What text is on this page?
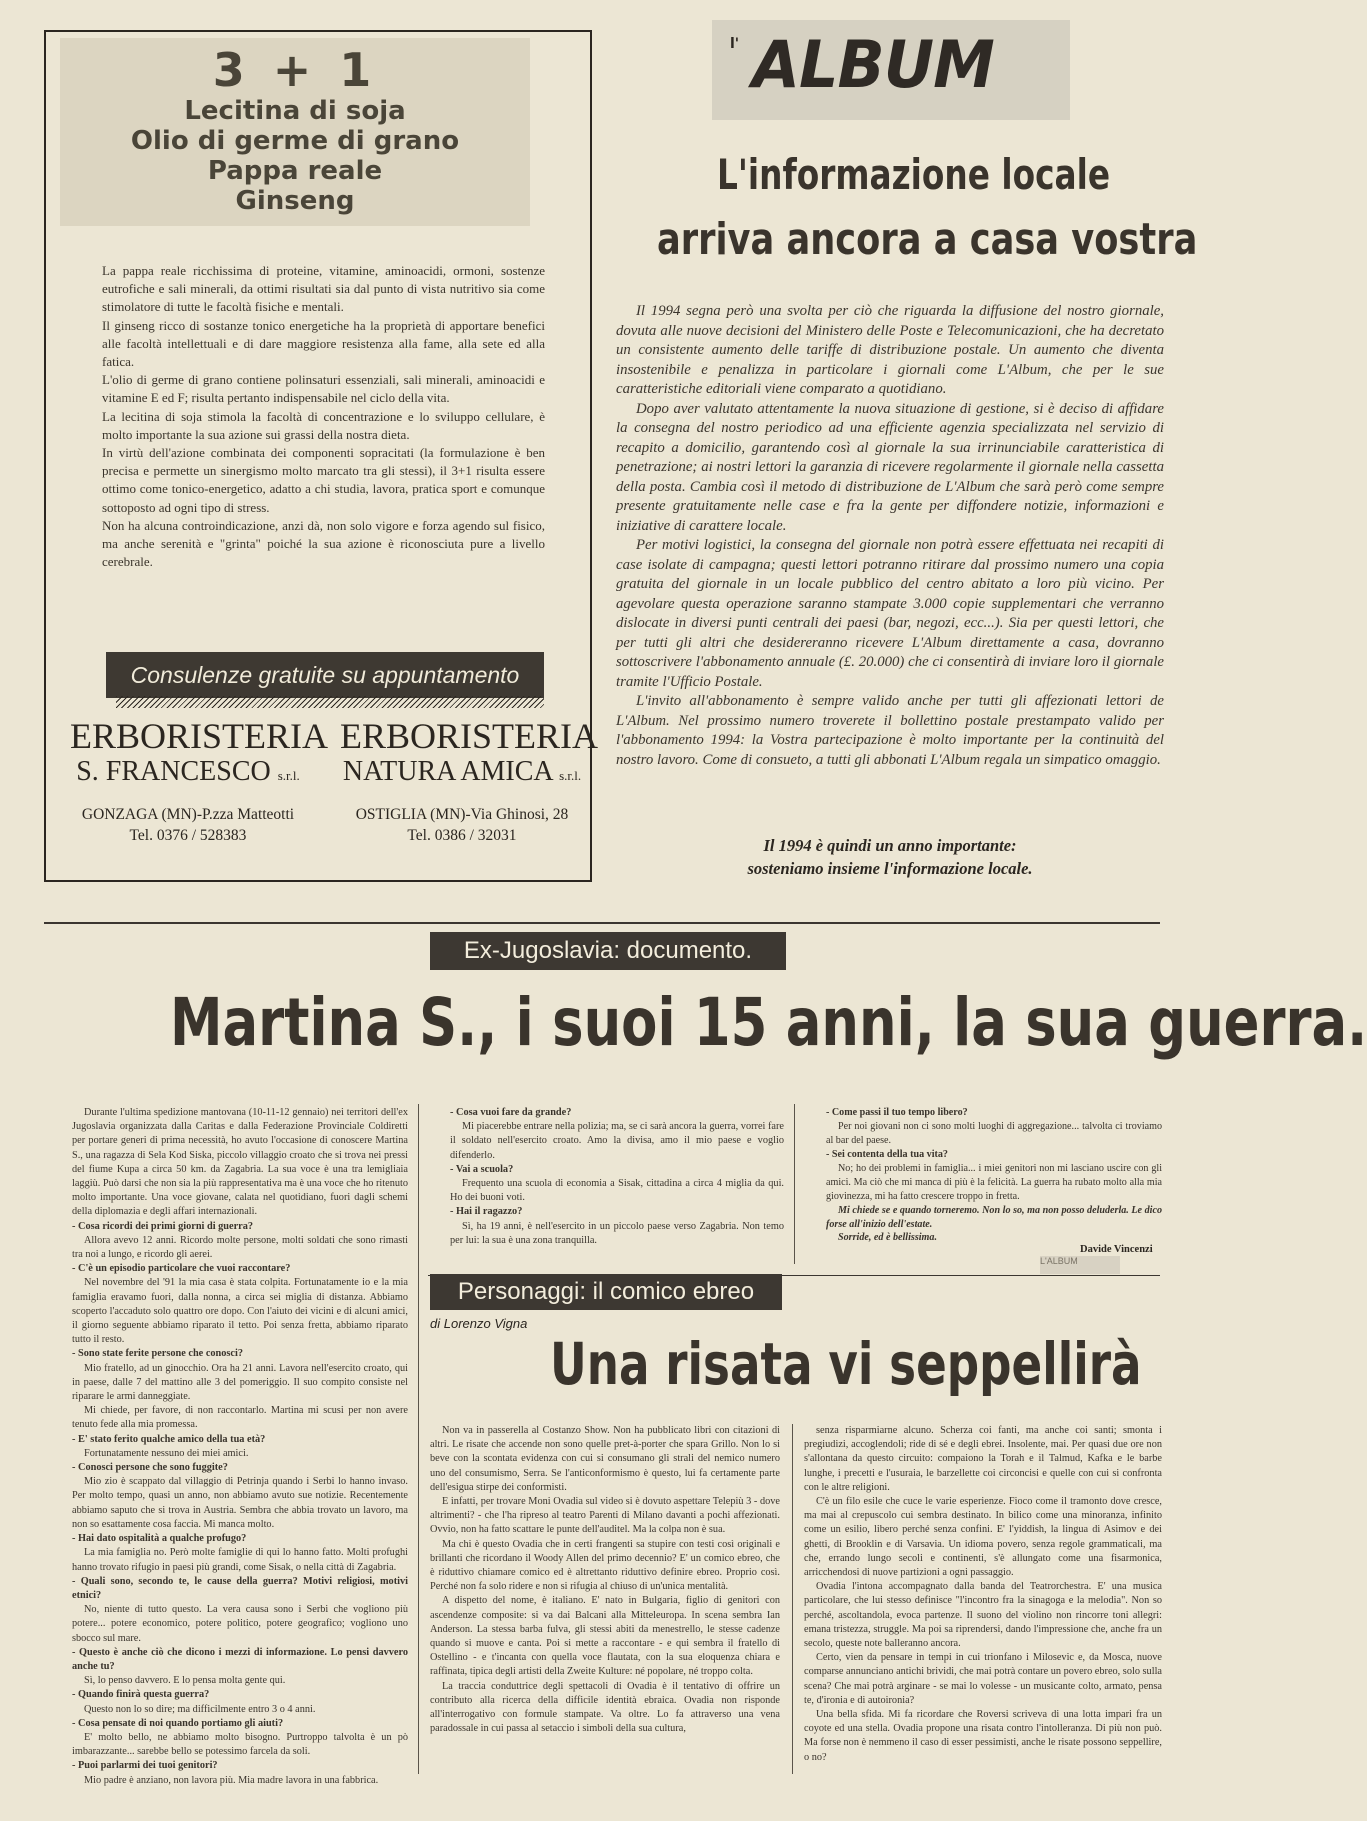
3 + 1
Lecitina di soja
Olio di germe di grano
Pappa reale
Ginseng

La pappa reale ricchissima di proteine, vitamine, aminoacidi, ormoni, sostenze eutrofiche e sali minerali, da ottimi risultati sia dal punto di vista nutritivo sia come stimolatore di tutte le facoltà fisiche e mentali.

Il ginseng ricco di sostanze tonico energetiche ha la proprietà di apportare benefici alle facoltà intellettuali e di dare maggiore resistenza alla fame, alla sete ed alla fatica.

L'olio di germe di grano contiene polinsaturi essenziali, sali minerali, aminoacidi e vitamine E ed F; risulta pertanto indispensabile nel ciclo della vita.

La lecitina di soja stimola la facoltà di concentrazione e lo sviluppo cellulare, è molto importante la sua azione sui grassi della nostra dieta.

In virtù dell'azione combinata dei componenti sopracitati (la formulazione è ben precisa e permette un sinergismo molto marcato tra gli stessi), il 3+1 risulta essere ottimo come tonico-energetico, adatto a chi studia, lavora, pratica sport e comunque sottoposto ad ogni tipo di stress.

Non ha alcuna controindicazione, anzi dà, non solo vigore e forza agendo sul fisico, ma anche serenità e "grinta" poiché la sua azione è riconosciuta pure a livello cerebrale.

Consulenze gratuite su appuntamento
ERBORISTERIA
S. FRANCESCO s.r.l.
GONZAGA (MN)-P.zza Matteotti
Tel. 0376 / 528383
ERBORISTERIA
NATURA AMICA s.r.l.
OSTIGLIA (MN)-Via Ghinosi, 28
Tel. 0386 / 32031
l' ALBUM
L'informazione locale
arriva ancora a casa vostra

Il 1994 segna però una svolta per ciò che riguarda la diffusione del nostro giornale, dovuta alle nuove decisioni del Ministero delle Poste e Telecomunicazioni, che ha decretato un consistente aumento delle tariffe di distribuzione postale. Un aumento che diventa insostenibile e penalizza in particolare i giornali come L'Album, che per le sue caratteristiche editoriali viene comparato a quotidiano.

Dopo aver valutato attentamente la nuova situazione di gestione, si è deciso di affidare la consegna del nostro periodico ad una efficiente agenzia specializzata nel servizio di recapito a domicilio, garantendo così al giornale la sua irrinunciabile caratteristica di penetrazione; ai nostri lettori la garanzia di ricevere regolarmente il giornale nella cassetta della posta. Cambia così il metodo di distribuzione de L'Album che sarà però come sempre presente gratuitamente nelle case e fra la gente per diffondere notizie, informazioni e iniziative di carattere locale.

Per motivi logistici, la consegna del giornale non potrà essere effettuata nei recapiti di case isolate di campagna; questi lettori potranno ritirare dal prossimo numero una copia gratuita del giornale in un locale pubblico del centro abitato a loro più vicino. Per agevolare questa operazione saranno stampate 3.000 copie supplementari che verranno dislocate in diversi punti centrali dei paesi (bar, negozi, ecc...). Sia per questi lettori, che per tutti gli altri che desidereranno ricevere L'Album direttamente a casa, dovranno sottoscrivere l'abbonamento annuale (£. 20.000) che ci consentirà di inviare loro il giornale tramite l'Ufficio Postale.

L'invito all'abbonamento è sempre valido anche per tutti gli affezionati lettori de L'Album. Nel prossimo numero troverete il bollettino postale prestampato valido per l'abbonamento 1994: la Vostra partecipazione è molto importante per la continuità del nostro lavoro. Come di consueto, a tutti gli abbonati L'Album regala un simpatico omaggio.

Il 1994 è quindi un anno importante:
sosteniamo insieme l'informazione locale.
Ex-Jugoslavia: documento.
Martina S., i suoi 15 anni, la sua guerra.

Durante l'ultima spedizione mantovana (10-11-12 gennaio) nei territori dell'ex Jugoslavia organizzata dalla Caritas e dalla Federazione Provinciale Coldiretti per portare generi di prima necessità, ho avuto l'occasione di conoscere Martina S., una ragazza di Sela Kod Siska, piccolo villaggio croato che si trova nei pressi del fiume Kupa a circa 50 km. da Zagabria. La sua voce è una tra lemigliaia laggiù. Può darsi che non sia la più rappresentativa ma è una voce che ho ritenuto molto importante. Una voce giovane, calata nel quotidiano, fuori dagli schemi della diplomazia e degli affari internazionali.

- Cosa ricordi dei primi giorni di guerra?

Allora avevo 12 anni. Ricordo molte persone, molti soldati che sono rimasti tra noi a lungo, e ricordo gli aerei.

- C'è un episodio particolare che vuoi raccontare?

Nel novembre del '91 la mia casa è stata colpita. Fortunatamente io e la mia famiglia eravamo fuori, dalla nonna, a circa sei miglia di distanza. Abbiamo scoperto l'accaduto solo quattro ore dopo. Con l'aiuto dei vicini e di alcuni amici, il giorno seguente abbiamo riparato il tetto. Poi senza fretta, abbiamo riparato tutto il resto.

- Sono state ferite persone che conosci?

Mio fratello, ad un ginocchio. Ora ha 21 anni. Lavora nell'esercito croato, qui in paese, dalle 7 del mattino alle 3 del pomeriggio. Il suo compito consiste nel riparare le armi danneggiate.

Mi chiede, per favore, di non raccontarlo. Martina mi scusi per non avere tenuto fede alla mia promessa.

- E' stato ferito qualche amico della tua età?

Fortunatamente nessuno dei miei amici.

- Conosci persone che sono fuggite?

Mio zio è scappato dal villaggio di Petrinja quando i Serbi lo hanno invaso. Per molto tempo, quasi un anno, non abbiamo avuto sue notizie. Recentemente abbiamo saputo che si trova in Austria. Sembra che abbia trovato un lavoro, ma non so esattamente cosa faccia. Mi manca molto.

- Hai dato ospitalità a qualche profugo?

La mia famiglia no. Però molte famiglie di qui lo hanno fatto. Molti profughi hanno trovato rifugio in paesi più grandi, come Sisak, o nella città di Zagabria.

- Quali sono, secondo te, le cause della guerra? Motivi religiosi, motivi etnici?

No, niente di tutto questo. La vera causa sono i Serbi che vogliono più potere... potere economico, potere politico, potere geografico; vogliono uno sbocco sul mare.

- Questo è anche ciò che dicono i mezzi di informazione. Lo pensi davvero anche tu?

Sì, lo penso davvero. E lo pensa molta gente qui.

- Quando finirà questa guerra?

Questo non lo so dire; ma difficilmente entro 3 o 4 anni.

- Cosa pensate di noi quando portiamo gli aiuti?

E' molto bello, ne abbiamo molto bisogno. Purtroppo talvolta è un pò imbarazzante... sarebbe bello se potessimo farcela da soli.

- Puoi parlarmi dei tuoi genitori?

Mio padre è anziano, non lavora più. Mia madre lavora in una fabbrica.

- Cosa vuoi fare da grande?

Mi piacerebbe entrare nella polizia; ma, se ci sarà ancora la guerra, vorrei fare il soldato nell'esercito croato. Amo la divisa, amo il mio paese e voglio difenderlo.

- Vai a scuola?

Frequento una scuola di economia a Sisak, cittadina a circa 4 miglia da qui. Ho dei buoni voti.

- Hai il ragazzo?

Sì, ha 19 anni, è nell'esercito in un piccolo paese verso Zagabria. Non temo per lui: la sua è una zona tranquilla.

- Come passi il tuo tempo libero?

Per noi giovani non ci sono molti luoghi di aggregazione... talvolta ci troviamo al bar del paese.

- Sei contenta della tua vita?

No; ho dei problemi in famiglia... i miei genitori non mi lasciano uscire con gli amici. Ma ciò che mi manca di più è la felicità. La guerra ha rubato molto alla mia giovinezza, mi ha fatto crescere troppo in fretta.

Mi chiede se e quando torneremo. Non lo so, ma non posso deluderla. Le dico forse all'inizio dell'estate.

Sorride, ed è bellissima.

Davide Vincenzi
Personaggi: il comico ebreo
L'ALBUM
di Lorenzo Vigna
Una risata vi seppellirà

Non va in passerella al Costanzo Show. Non ha pubblicato libri con citazioni di altri. Le risate che accende non sono quelle pret-à-porter che spara Grillo. Non lo si beve con la scontata evidenza con cui si consumano gli strali del nemico numero uno del consumismo, Serra. Se l'anticonformismo è questo, lui fa certamente parte dell'esigua stirpe dei conformisti.

E infatti, per trovare Moni Ovadia sul video si è dovuto aspettare Telepiù 3 - dove altrimenti? - che l'ha ripreso al teatro Parenti di Milano davanti a pochi affezionati. Ovvio, non ha fatto scattare le punte dell'auditel. Ma la colpa non è sua.

Ma chi è questo Ovadia che in certi frangenti sa stupire con testi così originali e brillanti che ricordano il Woody Allen del primo decennio? E' un comico ebreo, che è riduttivo chiamare comico ed è altrettanto riduttivo definire ebreo. Proprio così. Perché non fa solo ridere e non si rifugia al chiuso di un'unica mentalità.

A dispetto del nome, è italiano. E' nato in Bulgaria, figlio di genitori con ascendenze composite: si va dai Balcani alla Mitteleuropa. In scena sembra Ian Anderson. La stessa barba fulva, gli stessi abiti da menestrello, le stesse cadenze quando si muove e canta. Poi si mette a raccontare - e qui sembra il fratello di Ostellino - e t'incanta con quella voce flautata, con la sua eloquenza chiara e raffinata, tipica degli artisti della Zweite Kulture: né popolare, né troppo colta.

La traccia conduttrice degli spettacoli di Ovadia è il tentativo di offrire un contributo alla ricerca della difficile identità ebraica. Ovadia non risponde all'interrogativo con formule stampate. Va oltre. Lo fa attraverso una vena paradossale in cui passa al setaccio i simboli della sua cultura,

senza risparmiarne alcuno. Scherza coi fanti, ma anche coi santi; smonta i pregiudizi, accoglendoli; ride di sé e degli ebrei. Insolente, mai. Per quasi due ore non s'allontana da questo circuito: compaiono la Torah e il Talmud, Kafka e le barbe lunghe, i precetti e l'usuraia, le barzellette coi circoncisi e quelle con cui si confronta con le altre religioni.

C'è un filo esile che cuce le varie esperienze. Fioco come il tramonto dove cresce, ma mai al crepuscolo cui sembra destinato. In bilico come una minoranza, infinito come un esilio, libero perché senza confini. E' l'yiddish, la lingua di Asimov e dei ghetti, di Brooklin e di Varsavia. Un idioma povero, senza regole grammaticali, ma che, errando lungo secoli e continenti, s'è allungato come una fisarmonica, arricchendosi di nuove partizioni a ogni passaggio.

Ovadia l'intona accompagnato dalla banda del Teatrorchestra. E' una musica particolare, che lui stesso definisce "l'incontro fra la sinagoga e la melodia". Non so perché, ascoltandola, evoca partenze. Il suono del violino non rincorre toni allegri: emana tristezza, struggle. Ma poi sa riprendersi, dando l'impressione che, anche fra un secolo, queste note balleranno ancora.

Certo, vien da pensare in tempi in cui trionfano i Milosevic e, da Mosca, nuove comparse annunciano antichi brividi, che mai potrà contare un povero ebreo, solo sulla scena? Che mai potrà arginare - se mai lo volesse - un musicante colto, armato, pensa te, d'ironia e di autoironia?

Una bella sfida. Mi fa ricordare che Roversi scriveva di una lotta impari fra un coyote ed una stella. Ovadia propone una risata contro l'intolleranza. Di più non può. Ma forse non è nemmeno il caso di esser pessimisti, anche le risate possono seppellire, o no?
